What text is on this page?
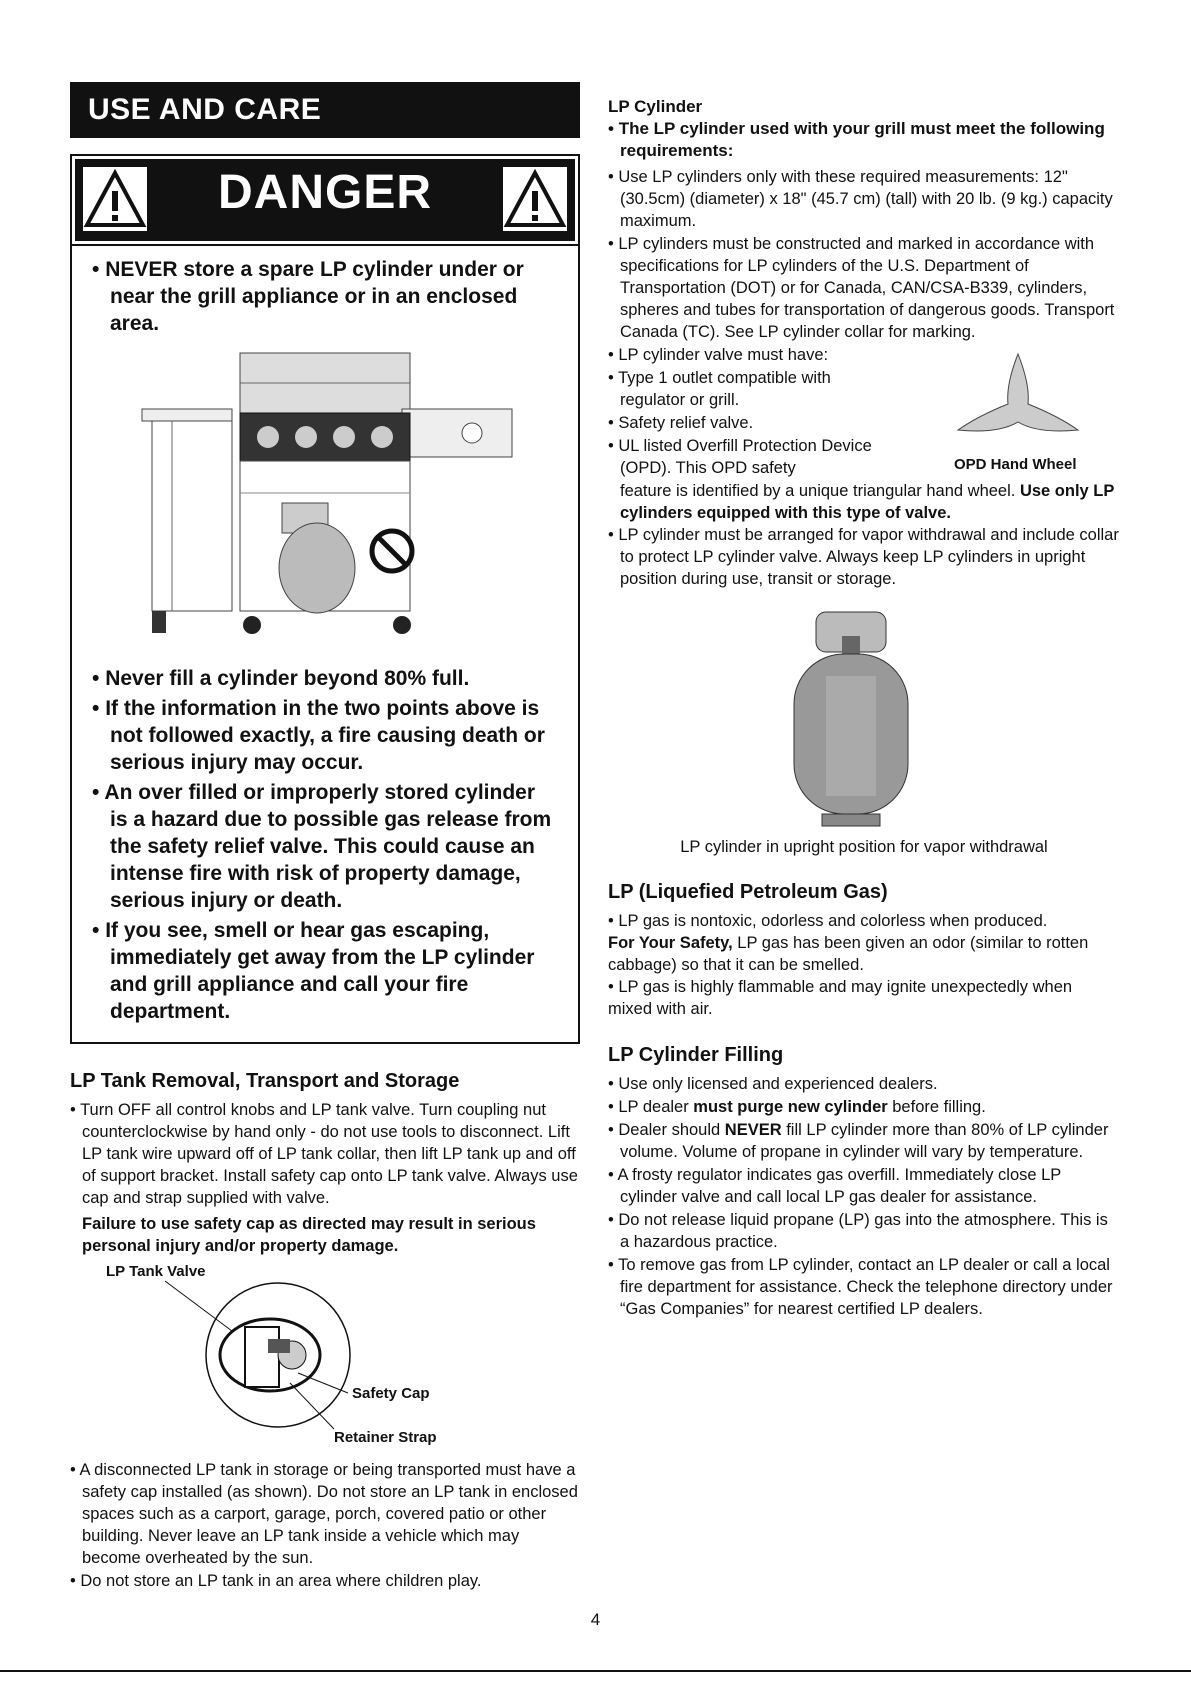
USE AND CARE
DANGER
• NEVER store a spare LP cylinder under or near the grill appliance or in an enclosed area.
• Never fill a cylinder beyond 80% full.
• If the information in the two points above is not followed exactly, a fire causing death or serious injury may occur.
• An over filled or improperly stored cylinder is a hazard due to possible gas release from the safety relief valve. This could cause an intense fire with risk of property damage, serious injury or death.
• If you see, smell or hear gas escaping, immediately get away from the LP cylinder and grill appliance and call your fire department.
LP Tank Removal, Transport and Storage
• Turn OFF all control knobs and LP tank valve. Turn coupling nut counterclockwise by hand only - do not use tools to disconnect. Lift LP tank wire upward off of LP tank collar, then lift LP tank up and off of support bracket. Install safety cap onto LP tank valve. Always use cap and strap supplied with valve.
Failure to use safety cap as directed may result in serious personal injury and/or property damage.
LP Tank Valve
Safety Cap
Retainer Strap
• A disconnected LP tank in storage or being transported must have a safety cap installed (as shown). Do not store an LP tank in enclosed spaces such as a carport, garage, porch, covered patio or other building. Never leave an LP tank inside a vehicle which may become overheated by the sun.
• Do not store an LP tank in an area where children play.
LP Cylinder
• The LP cylinder used with your grill must meet the following requirements:
• Use LP cylinders only with these required measurements: 12" (30.5cm) (diameter) x 18" (45.7 cm) (tall) with 20 lb. (9 kg.) capacity maximum.
• LP cylinders must be constructed and marked in accordance with specifications for LP cylinders of the U.S. Department of Transportation (DOT) or for Canada, CAN/CSA-B339, cylinders, spheres and tubes for transportation of dangerous goods. Transport Canada (TC). See LP cylinder collar for marking.
• LP cylinder valve must have:
• Type 1 outlet compatible with regulator or grill.
• Safety relief valve.
• UL listed Overfill Protection Device (OPD). This OPD safety	OPD Hand Wheel

feature is identified by a unique triangular hand wheel. Use only LP cylinders equipped with this type of valve.

• LP cylinder must be arranged for vapor withdrawal and include collar to protect LP cylinder valve. Always keep LP cylinders in upright position during use, transit or storage.
LP cylinder in upright position for vapor withdrawal
LP (Liquefied Petroleum Gas)

• LP gas is nontoxic, odorless and colorless when produced.

For Your Safety, LP gas has been given an odor (similar to rotten cabbage) so that it can be smelled.

• LP gas is highly flammable and may ignite unexpectedly when mixed with air.

LP Cylinder Filling
• Use only licensed and experienced dealers.
• LP dealer must purge new cylinder before filling.
• Dealer should NEVER fill LP cylinder more than 80% of LP cylinder volume. Volume of propane in cylinder will vary by temperature.
• A frosty regulator indicates gas overfill. Immediately close LP cylinder valve and call local LP gas dealer for assistance.
• Do not release liquid propane (LP) gas into the atmosphere. This is a hazardous practice.
• To remove gas from LP cylinder, contact an LP dealer or call a local fire department for assistance. Check the telephone directory under “Gas Companies” for nearest certified LP dealers.
4
